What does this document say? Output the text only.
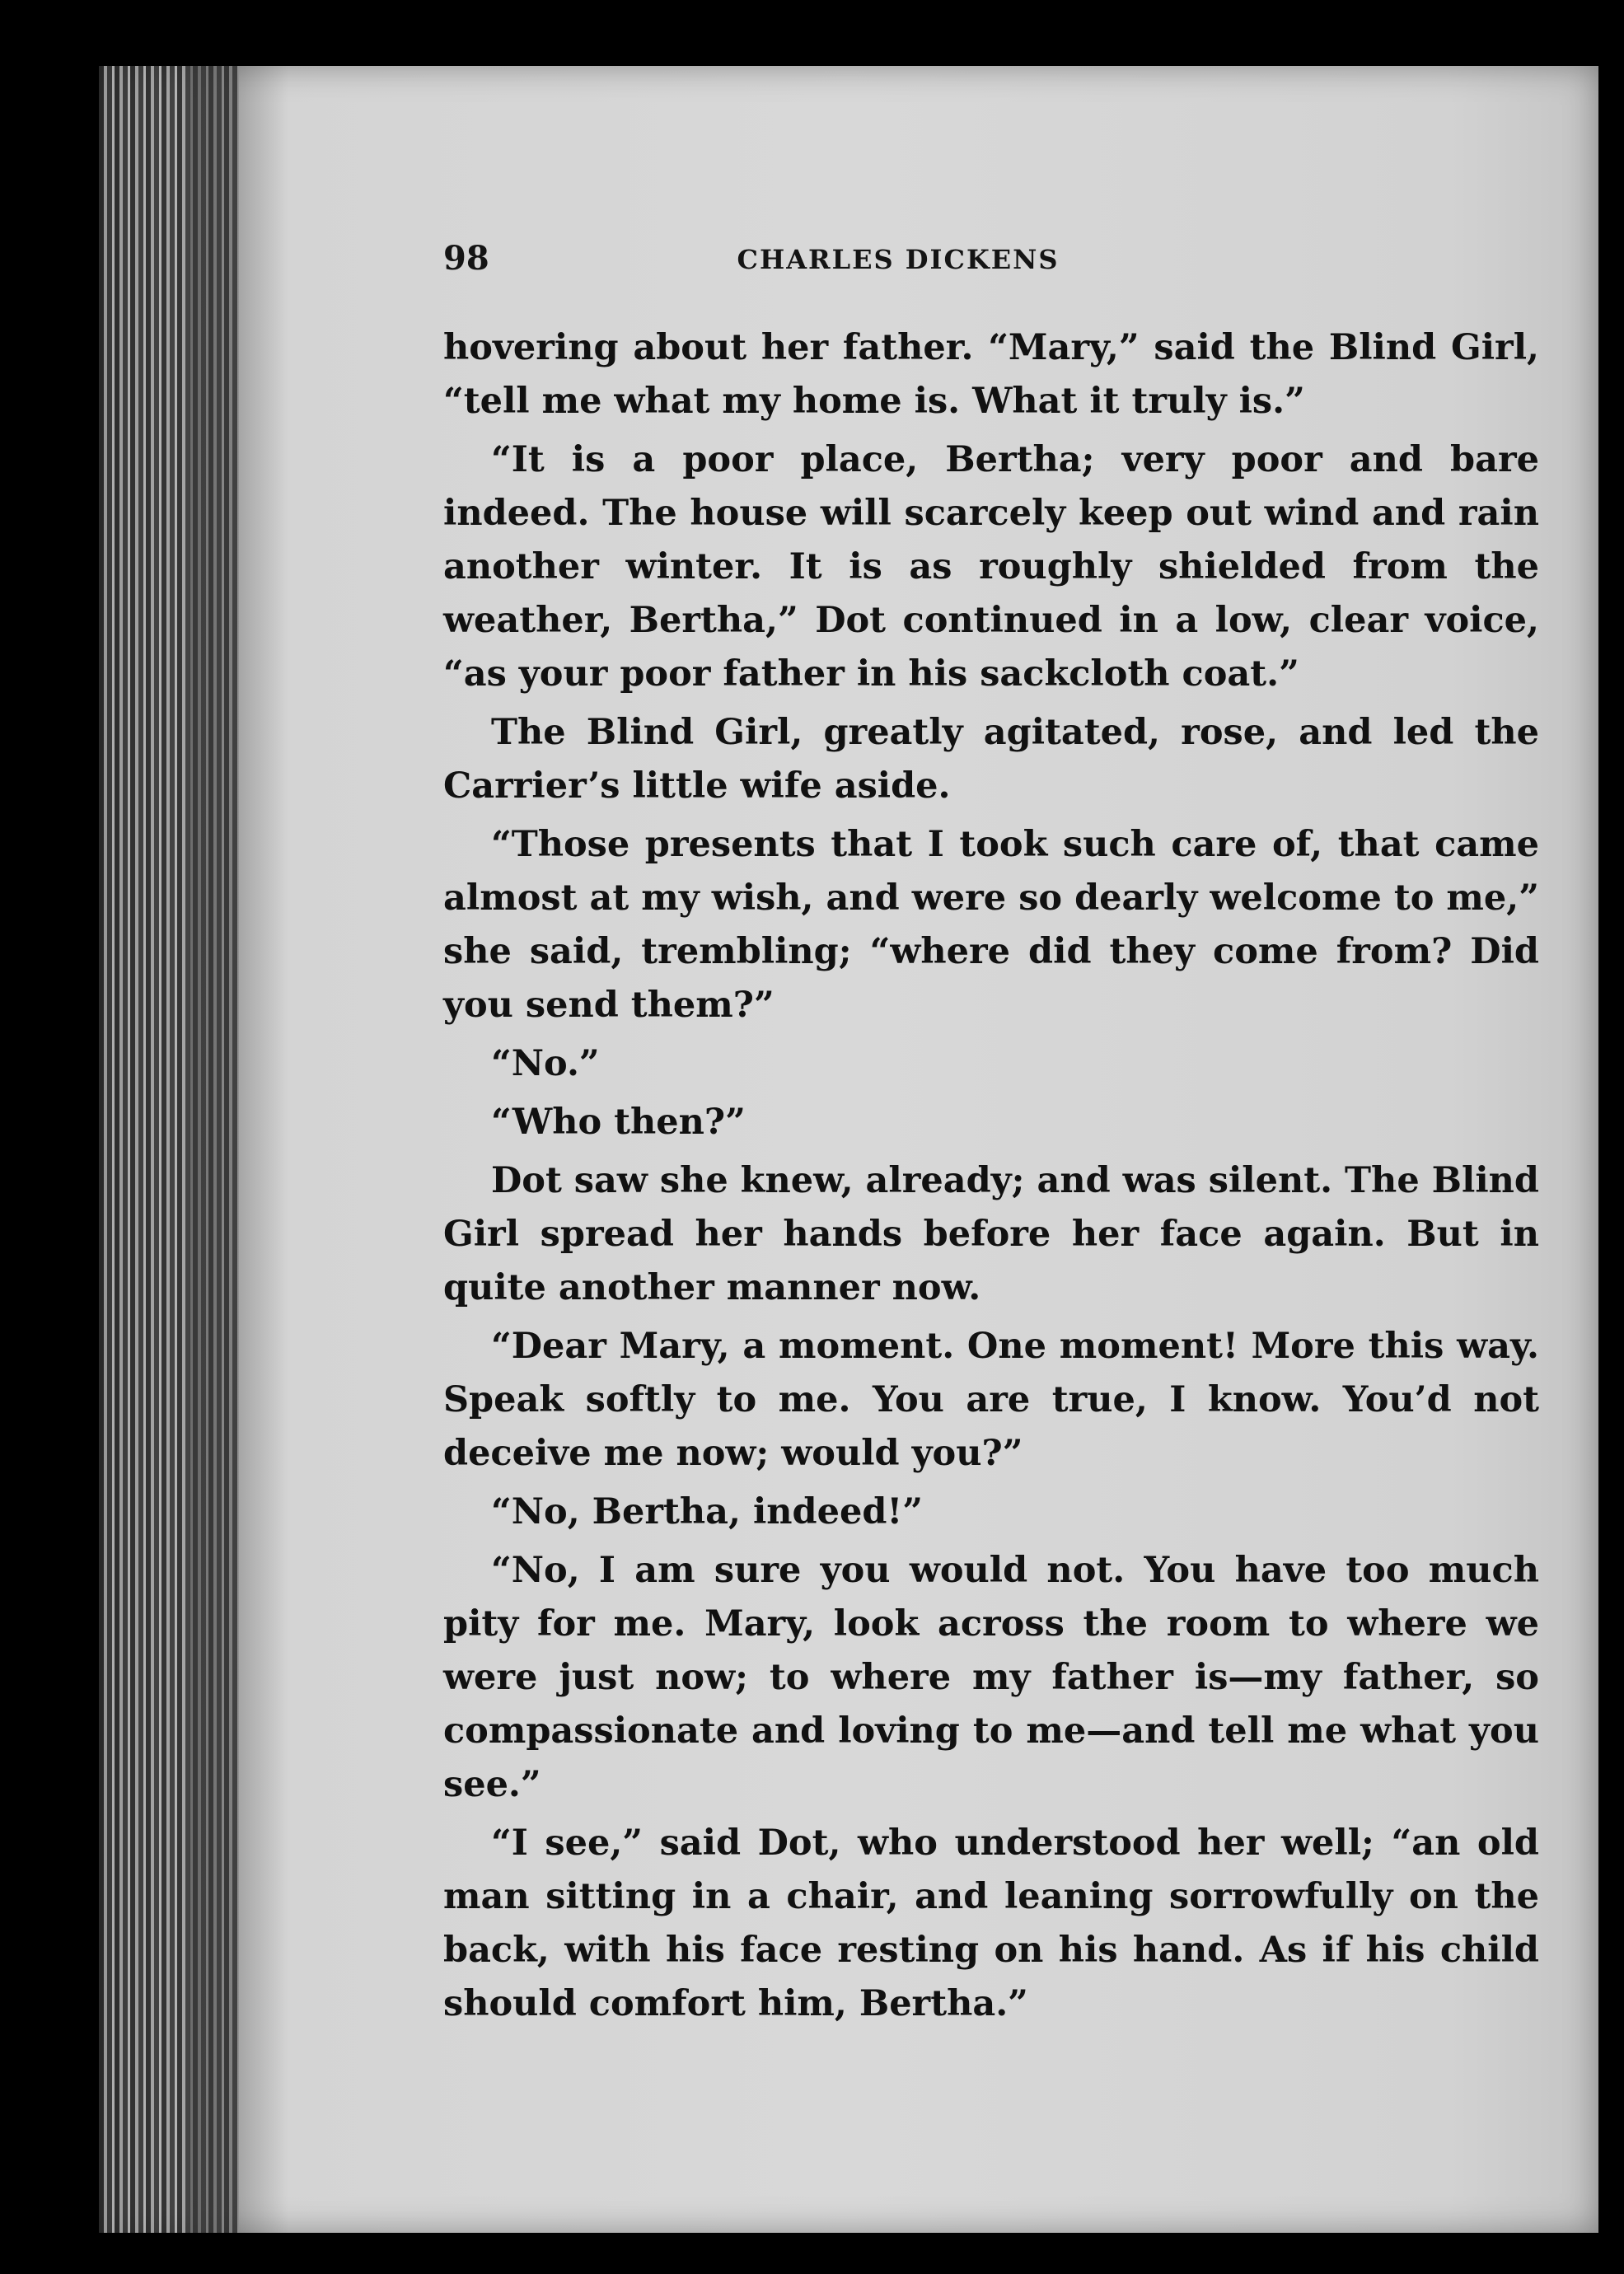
98	CHARLES DICKENS

hovering about her father. “Mary,” said the Blind Girl, “tell me what my home is. What it truly is.”

“It is a poor place, Bertha; very poor and bare indeed. The house will scarcely keep out wind and rain another winter. It is as roughly shielded from the weather, Bertha,” Dot continued in a low, clear voice, “as your poor father in his sackcloth coat.”

The Blind Girl, greatly agitated, rose, and led the Carrier’s little wife aside.

“Those presents that I took such care of, that came almost at my wish, and were so dearly welcome to me,” she said, trembling; “where did they come from? Did you send them?”

“No.”

“Who then?”

Dot saw she knew, already; and was silent. The Blind Girl spread her hands before her face again. But in quite another manner now.

“Dear Mary, a moment. One moment! More this way. Speak softly to me. You are true, I know. You’d not deceive me now; would you?”

“No, Bertha, indeed!”

“No, I am sure you would not. You have too much pity for me. Mary, look across the room to where we were just now; to where my father is—my father, so compassionate and loving to me—and tell me what you see.”

“I see,” said Dot, who understood her well; “an old man sitting in a chair, and leaning sorrowfully on the back, with his face resting on his hand. As if his child should comfort him, Bertha.”
